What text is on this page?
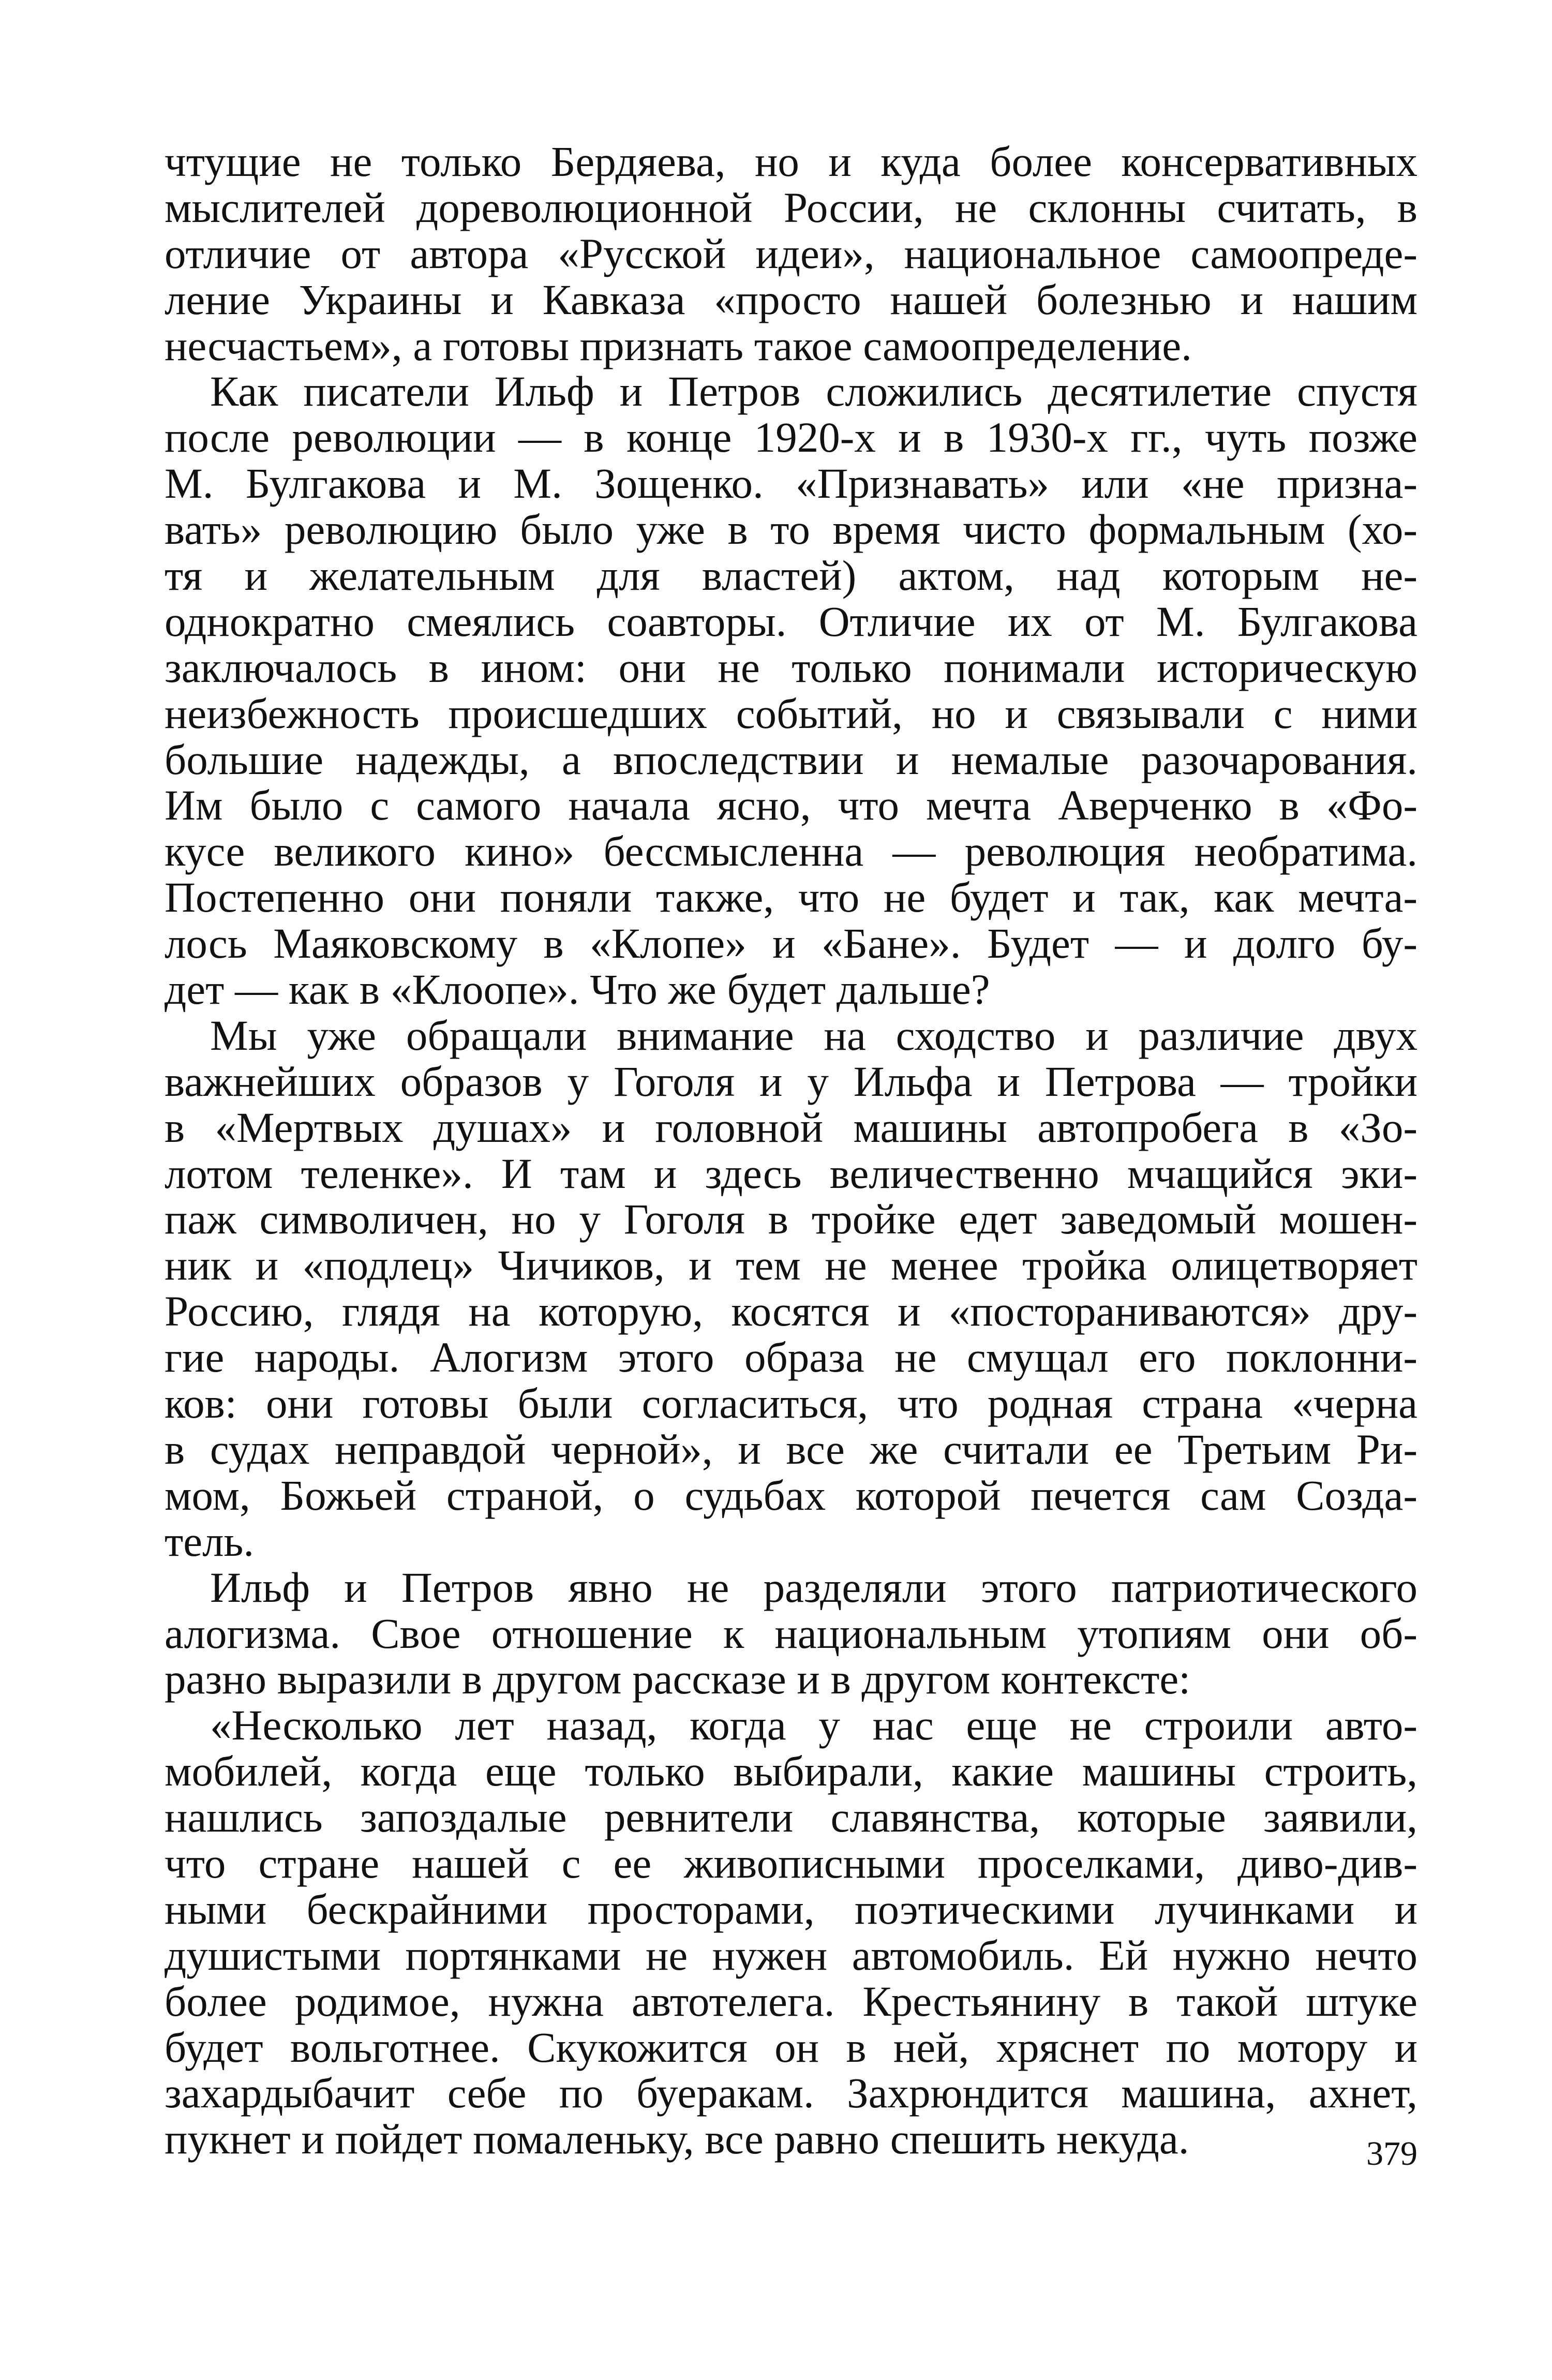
чтущие не только Бердяева, но и куда более консервативных
мыслителей дореволюционной России, не склонны считать, в
отличие от автора «Русской идеи», национальное самоопреде-
ление Украины и Кавказа «просто нашей болезнью и нашим
несчастьем», а готовы признать такое самоопределение.
Как писатели Ильф и Петров сложились десятилетие спустя
после революции — в конце 1920-х и в 1930-х гг., чуть позже
М. Булгакова и М. Зощенко. «Признавать» или «не призна-
вать» революцию было уже в то время чисто формальным (хо-
тя и желательным для властей) актом, над которым не-
однократно смеялись соавторы. Отличие их от М. Булгакова
заключалось в ином: они не только понимали историческую
неизбежность происшедших событий, но и связывали с ними
большие надежды, а впоследствии и немалые разочарования.
Им было с самого начала ясно, что мечта Аверченко в «Фо-
кусе великого кино» бессмысленна — революция необратима.
Постепенно они поняли также, что не будет и так, как мечта-
лось Маяковскому в «Клопе» и «Бане». Будет — и долго бу-
дет — как в «Клоопе». Что же будет дальше?
Мы уже обращали внимание на сходство и различие двух
важнейших образов у Гоголя и у Ильфа и Петрова — тройки
в «Мертвых душах» и головной машины автопробега в «Зо-
лотом теленке». И там и здесь величественно мчащийся эки-
паж символичен, но у Гоголя в тройке едет заведомый мошен-
ник и «подлец» Чичиков, и тем не менее тройка олицетворяет
Россию, глядя на которую, косятся и «постораниваются» дру-
гие народы. Алогизм этого образа не смущал его поклонни-
ков: они готовы были согласиться, что родная страна «черна
в судах неправдой черной», и все же считали ее Третьим Ри-
мом, Божьей страной, о судьбах которой печется сам Созда-
тель.
Ильф и Петров явно не разделяли этого патриотического
алогизма. Свое отношение к национальным утопиям они об-
разно выразили в другом рассказе и в другом контексте:
«Несколько лет назад, когда у нас еще не строили авто-
мобилей, когда еще только выбирали, какие машины строить,
нашлись запоздалые ревнители славянства, которые заявили,
что стране нашей с ее живописными проселками, диво-див-
ными бескрайними просторами, поэтическими лучинками и
душистыми портянками не нужен автомобиль. Ей нужно нечто
более родимое, нужна автотелега. Крестьянину в такой штуке
будет вольготнее. Скукожится он в ней, хряснет по мотору и
захардыбачит себе по буеракам. Захрюндится машина, ахнет,
пукнет и пойдет помаленьку, все равно спешить некуда.	379
